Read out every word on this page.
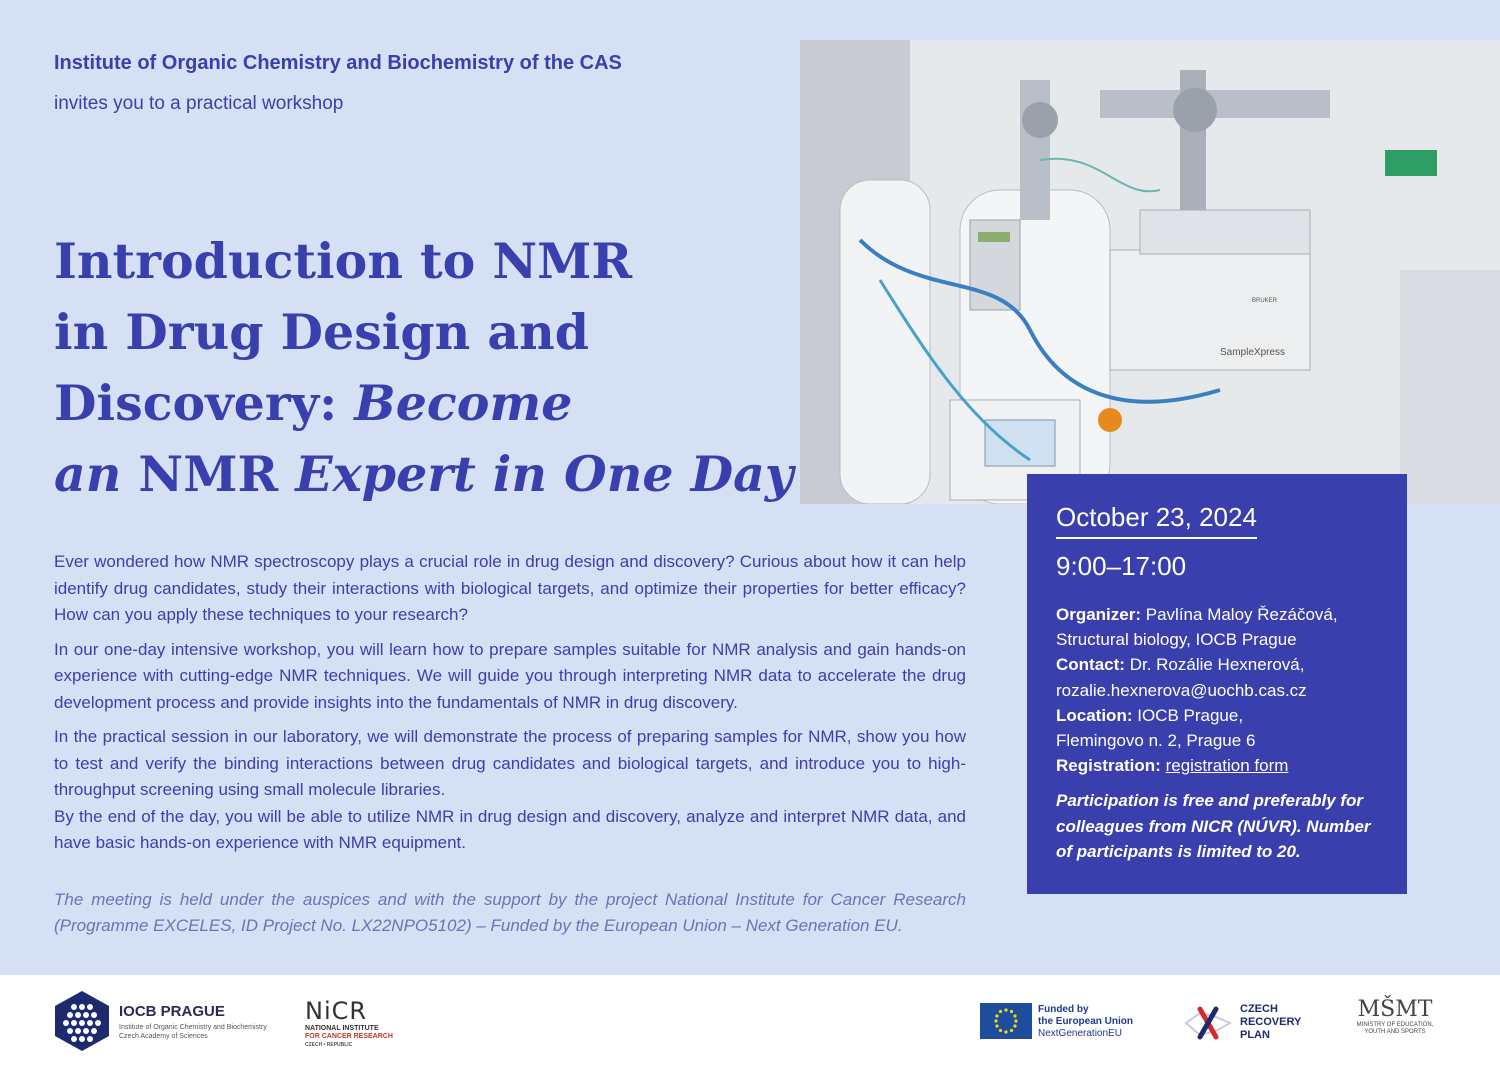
Institute of Organic Chemistry and Biochemistry of the CAS
invites you to a practical workshop
Introduction to NMR
in Drug Design and
Discovery: Become
an NMR Expert in One Day
SampleXpress
BRUKER

Ever wondered how NMR spectroscopy plays a crucial role in drug design and discovery? Curious about how it can help identify drug candidates, study their interactions with biological targets, and optimize their properties for better efficacy? How can you apply these techniques to your research?

In our one-day intensive workshop, you will learn how to prepare samples suitable for NMR analysis and gain hands-on experience with cutting-edge NMR techniques. We will guide you through interpreting NMR data to accelerate the drug development process and provide insights into the fundamentals of NMR in drug discovery.

In the practical session in our laboratory, we will demonstrate the process of preparing samples for NMR, show you how to test and verify the binding interactions between drug candidates and biological targets, and introduce you to high-throughput screening using small molecule libraries.

By the end of the day, you will be able to utilize NMR in drug design and discovery, analyze and interpret NMR data, and have basic hands-on experience with NMR equipment.

The meeting is held under the auspices and with the support by the project National Institute for Cancer Research (Programme EXCELES, ID Project No. LX22NPO5102) – Funded by the European Union – Next Generation EU.
October 23, 2024
9:00–17:00
Organizer: Pavlína Maloy Řezáčová,
Structural biology, IOCB Prague
Contact: Dr. Rozálie Hexnerová,
rozalie.hexnerova@uochb.cas.cz
Location: IOCB Prague,
Flemingovo n. 2, Prague 6
Registration: registration form
Participation is free and preferably for colleagues from NICR (NÚVR). Number of participants is limited to 20.
IOCB PRAGUE
Institute of Organic Chemistry and Biochemistry Czech Academy of Sciences
NiCR
NATIONAL INSTITUTE
FOR CANCER RESEARCH
CZECH • REPUBLIC
Funded by
the European Union
NextGenerationEU
CZECH
RECOVERY
PLAN
MŠMT
MINISTRY OF EDUCATION,
YOUTH AND SPORTS
